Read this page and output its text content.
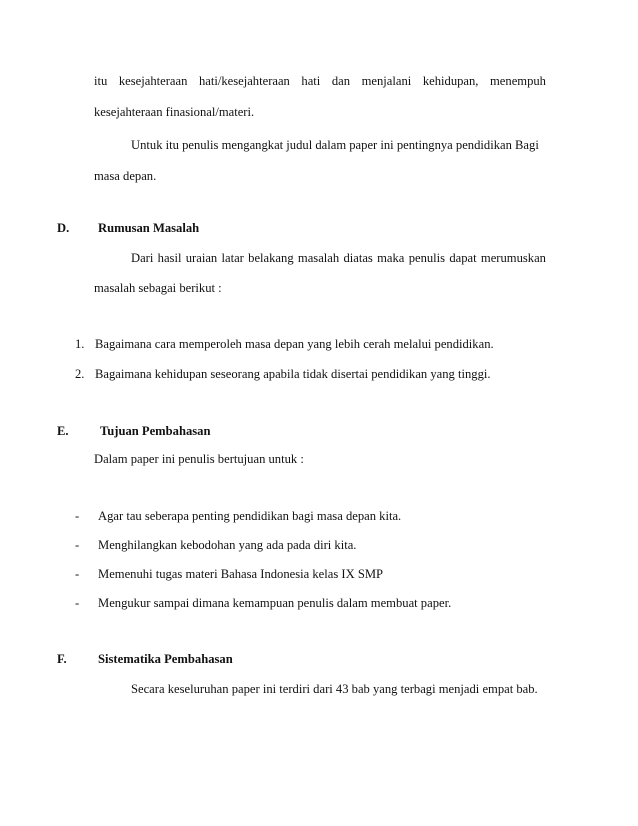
itu kesejahteraan hati/kesejahteraan hati dan menjalani kehidupan, menempuh
kesejahteraan finasional/materi.
Untuk itu penulis mengangkat judul dalam paper ini pentingnya pendidikan Bagi
masa depan.
D. Rumusan Masalah
Dari hasil uraian latar belakang masalah diatas maka penulis dapat merumuskan
masalah sebagai berikut :
1. Bagaimana cara memperoleh masa depan yang lebih cerah melalui pendidikan.
2. Bagaimana kehidupan seseorang apabila tidak disertai pendidikan yang tinggi.
E. Tujuan Pembahasan
Dalam paper ini penulis bertujuan untuk :
- Agar tau seberapa penting pendidikan bagi masa depan kita.
- Menghilangkan kebodohan yang ada pada diri kita.
- Memenuhi tugas materi Bahasa Indonesia kelas IX SMP
- Mengukur sampai dimana kemampuan penulis dalam membuat paper.
F. Sistematika Pembahasan
Secara keseluruhan paper ini terdiri dari 43 bab yang terbagi menjadi empat bab.
